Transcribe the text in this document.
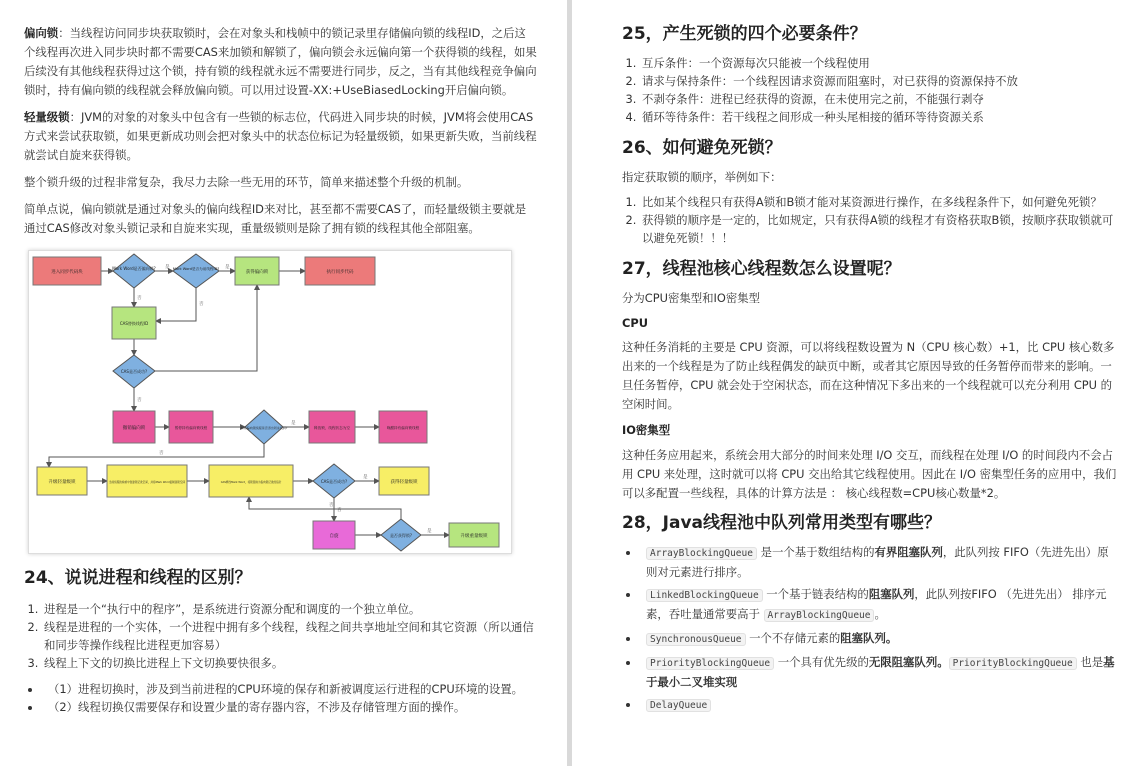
偏向锁：当线程访问同步块获取锁时，会在对象头和栈帧中的锁记录里存储偏向锁的线程ID，之后这个线程再次进入同步块时都不需要CAS来加锁和解锁了，偏向锁会永远偏向第一个获得锁的线程，如果后续没有其他线程获得过这个锁，持有锁的线程就永远不需要进行同步，反之，当有其他线程竞争偏向锁时，持有偏向锁的线程就会释放偏向锁。可以用过设置-XX:+UseBiasedLocking开启偏向锁。

轻量级锁：JVM的对象的对象头中包含有一些锁的标志位，代码进入同步块的时候，JVM将会使用CAS方式来尝试获取锁，如果更新成功则会把对象头中的状态位标记为轻量级锁，如果更新失败，当前线程就尝试自旋来获得锁。

整个锁升级的过程非常复杂，我尽力去除一些无用的环节，简单来描述整个升级的机制。

简单点说，偏向锁就是通过对象头的偏向线程ID来对比，甚至都不需要CAS了，而轻量级锁主要就是通过CAS修改对象头锁记录和自旋来实现，重量级锁则是除了拥有锁的线程其他全部阻塞。

是	是
否
否
否
是
否
是
否
否
是
进入同步代码块
Mark Word是否偏向锁?	Mark Word是否为前线程ID?
获得偏向锁	执行同步代码
CAS替换线程ID
CAS是否成功?
撤销偏向锁	暂停持有偏向锁线程	持有偏向锁线程是否退出同步代码?	释放锁，线程状态为空	唤醒持有偏向锁线程
升级轻量级锁	当前线程的栈帧中创建锁记录空间，并将Mark Word复制到锁空间	CAS修改Mark Word，将锁替换为指向锁记录的指针	CAS是否成功?	获得轻量级锁
自旋	是否获得锁?	升级重量级锁
24、说说进程和线程的区别？
1. 进程是一个“执行中的程序”，是系统进行资源分配和调度的一个独立单位。
2. 线程是进程的一个实体，一个进程中拥有多个线程，线程之间共享地址空间和其它资源（所以通信和同步等操作线程比进程更加容易）
3. 线程上下文的切换比进程上下文切换要快很多。
• （1）进程切换时，涉及到当前进程的CPU环境的保存和新被调度运行进程的CPU环境的设置。
• （2）线程切换仅需要保存和设置少量的寄存器内容，不涉及存储管理方面的操作。
25，产生死锁的四个必要条件？
1. 互斥条件：一个资源每次只能被一个线程使用
2. 请求与保持条件：一个线程因请求资源而阻塞时，对已获得的资源保持不放
3. 不剥夺条件：进程已经获得的资源，在未使用完之前，不能强行剥夺
4. 循环等待条件：若干线程之间形成一种头尾相接的循环等待资源关系
26、如何避免死锁？

指定获取锁的顺序，举例如下：

1. 比如某个线程只有获得A锁和B锁才能对某资源进行操作，在多线程条件下，如何避免死锁？
2. 获得锁的顺序是一定的，比如规定，只有获得A锁的线程才有资格获取B锁，按顺序获取锁就可以避免死锁！！！
27，线程池核心线程数怎么设置呢？

分为CPU密集型和IO密集型

CPU

这种任务消耗的主要是 CPU 资源，可以将线程数设置为 N（CPU 核心数）+1，比 CPU 核心数多出来的一个线程是为了防止线程偶发的缺页中断，或者其它原因导致的任务暂停而带来的影响。一旦任务暂停，CPU 就会处于空闲状态，而在这种情况下多出来的一个线程就可以充分利用 CPU 的空闲时间。

IO密集型

这种任务应用起来，系统会用大部分的时间来处理 I/O 交互，而线程在处理 I/O 的时间段内不会占用 CPU 来处理，这时就可以将 CPU 交出给其它线程使用。因此在 I/O 密集型任务的应用中，我们可以多配置一些线程，具体的计算方法是 ： 核心线程数=CPU核心数量*2。

28，Java线程池中队列常用类型有哪些？
• ArrayBlockingQueue 是一个基于数组结构的有界阻塞队列，此队列按 FIFO（先进先出）原则对元素进行排序。
• LinkedBlockingQueue 一个基于链表结构的阻塞队列，此队列按FIFO （先进先出） 排序元素，吞吐量通常要高于 ArrayBlockingQueue 。
• SynchronousQueue 一个不存储元素的阻塞队列。
• PriorityBlockingQueue 一个具有优先级的无限阻塞队列。 PriorityBlockingQueue 也是基于最小二叉堆实现
• DelayQueue
